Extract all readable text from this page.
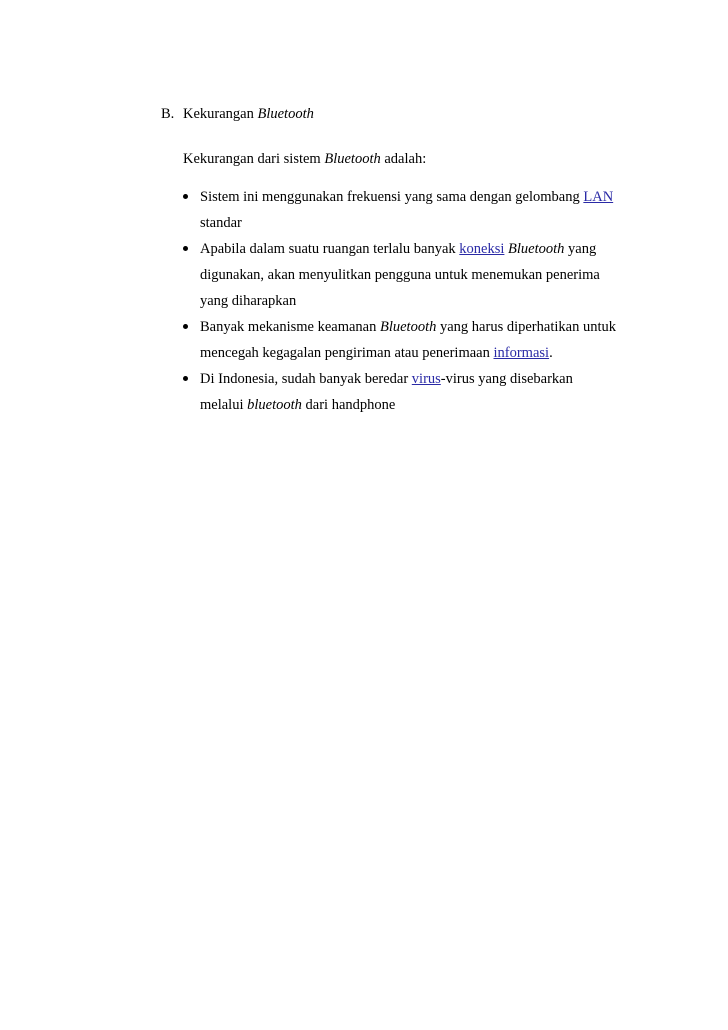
B. Kekurangan Bluetooth

Kekurangan dari sistem Bluetooth adalah:

Sistem ini menggunakan frekuensi yang sama dengan gelombang LAN
standar
Apabila dalam suatu ruangan terlalu banyak koneksi Bluetooth yang
digunakan, akan menyulitkan pengguna untuk menemukan penerima
yang diharapkan
Banyak mekanisme keamanan Bluetooth yang harus diperhatikan untuk
mencegah kegagalan pengiriman atau penerimaan informasi.
Di Indonesia, sudah banyak beredar virus-virus yang disebarkan
melalui bluetooth dari handphone
